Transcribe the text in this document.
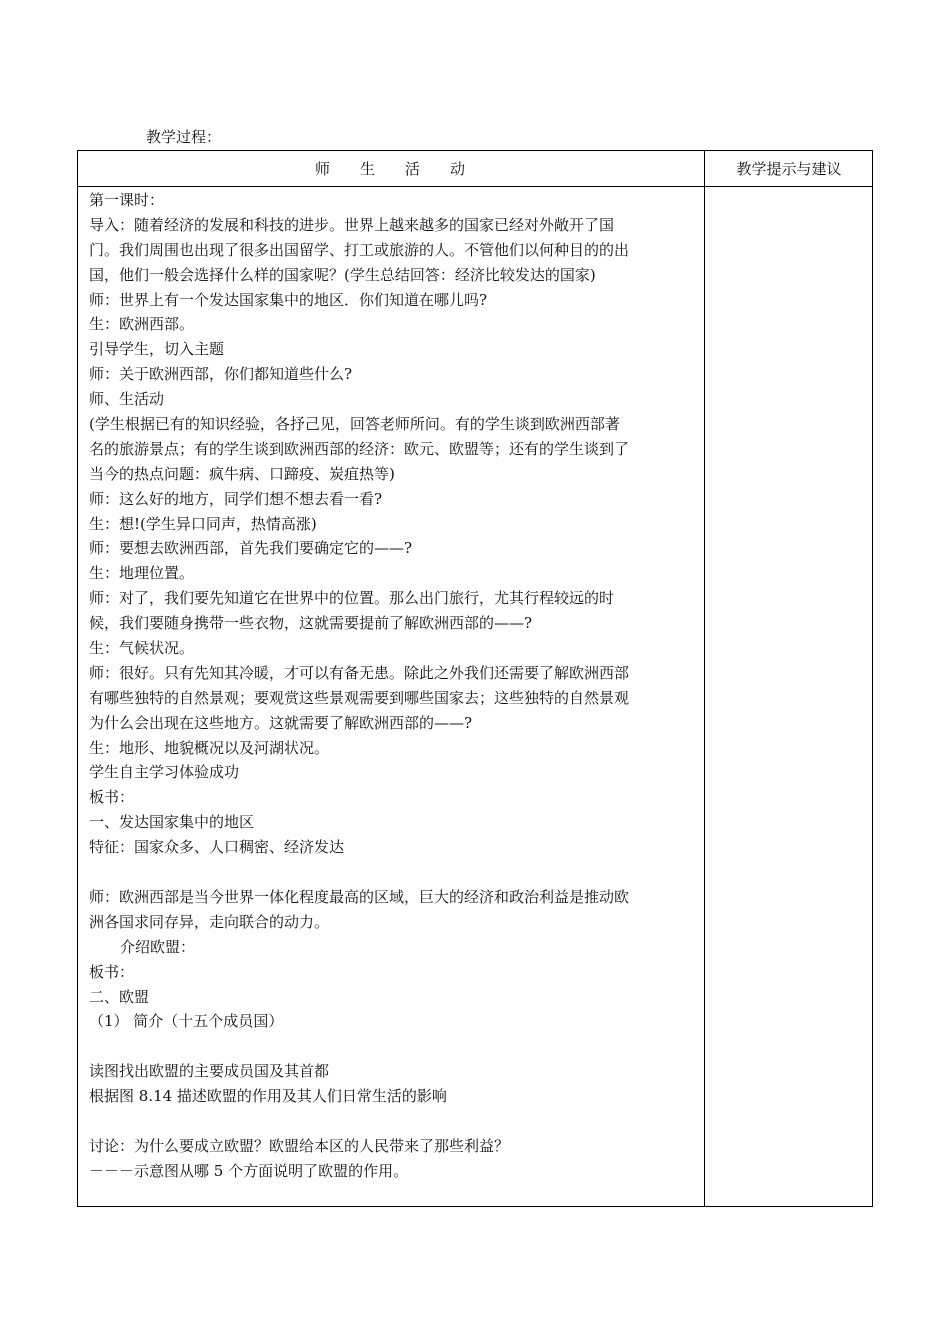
教学过程：
师 生 活 动	教学提示与建议
第一课时：
导入：随着经济的发展和科技的进步。世界上越来越多的国家已经对外敞开了国
门。我们周围也出现了很多出国留学、打工或旅游的人。不管他们以何种目的的出
国，他们一般会选择什么样的国家呢？(学生总结回答：经济比较发达的国家)
师：世界上有一个发达国家集中的地区．你们知道在哪儿吗?
生：欧洲西部。
引导学生，切入主题
师：关于欧洲西部，你们都知道些什么?
师、生活动
(学生根据已有的知识经验，各抒己见，回答老师所问。有的学生谈到欧洲西部著
名的旅游景点；有的学生谈到欧洲西部的经济：欧元、欧盟等；还有的学生谈到了
当今的热点问题：疯牛病、口蹄疫、炭疽热等)
师：这么好的地方，同学们想不想去看一看?
生：想!(学生异口同声，热情高涨)
师：要想去欧洲西部，首先我们要确定它的——?
生：地理位置。
师：对了，我们要先知道它在世界中的位置。那么出门旅行，尤其行程较远的时
候，我们要随身携带一些衣物，这就需要提前了解欧洲西部的——?
生：气候状况。
师：很好。只有先知其冷暖，才可以有备无患。除此之外我们还需要了解欧洲西部
有哪些独特的自然景观；要观赏这些景观需要到哪些国家去；这些独特的自然景观
为什么会出现在这些地方。这就需要了解欧洲西部的——?
生：地形、地貌概况以及河湖状况。
学生自主学习体验成功
板书：
一、发达国家集中的地区
特征：国家众多、人口稠密、经济发达
师：欧洲西部是当今世界一体化程度最高的区域，巨大的经济和政治利益是推动欧
洲各国求同存异，走向联合的动力。
介绍欧盟：
板书：
二、欧盟
（1） 简介（十五个成员国）
读图找出欧盟的主要成员国及其首都
根据图 8.14 描述欧盟的作用及其人们日常生活的影响
讨论：为什么要成立欧盟？欧盟给本区的人民带来了那些利益？
－－－示意图从哪 5 个方面说明了欧盟的作用。
